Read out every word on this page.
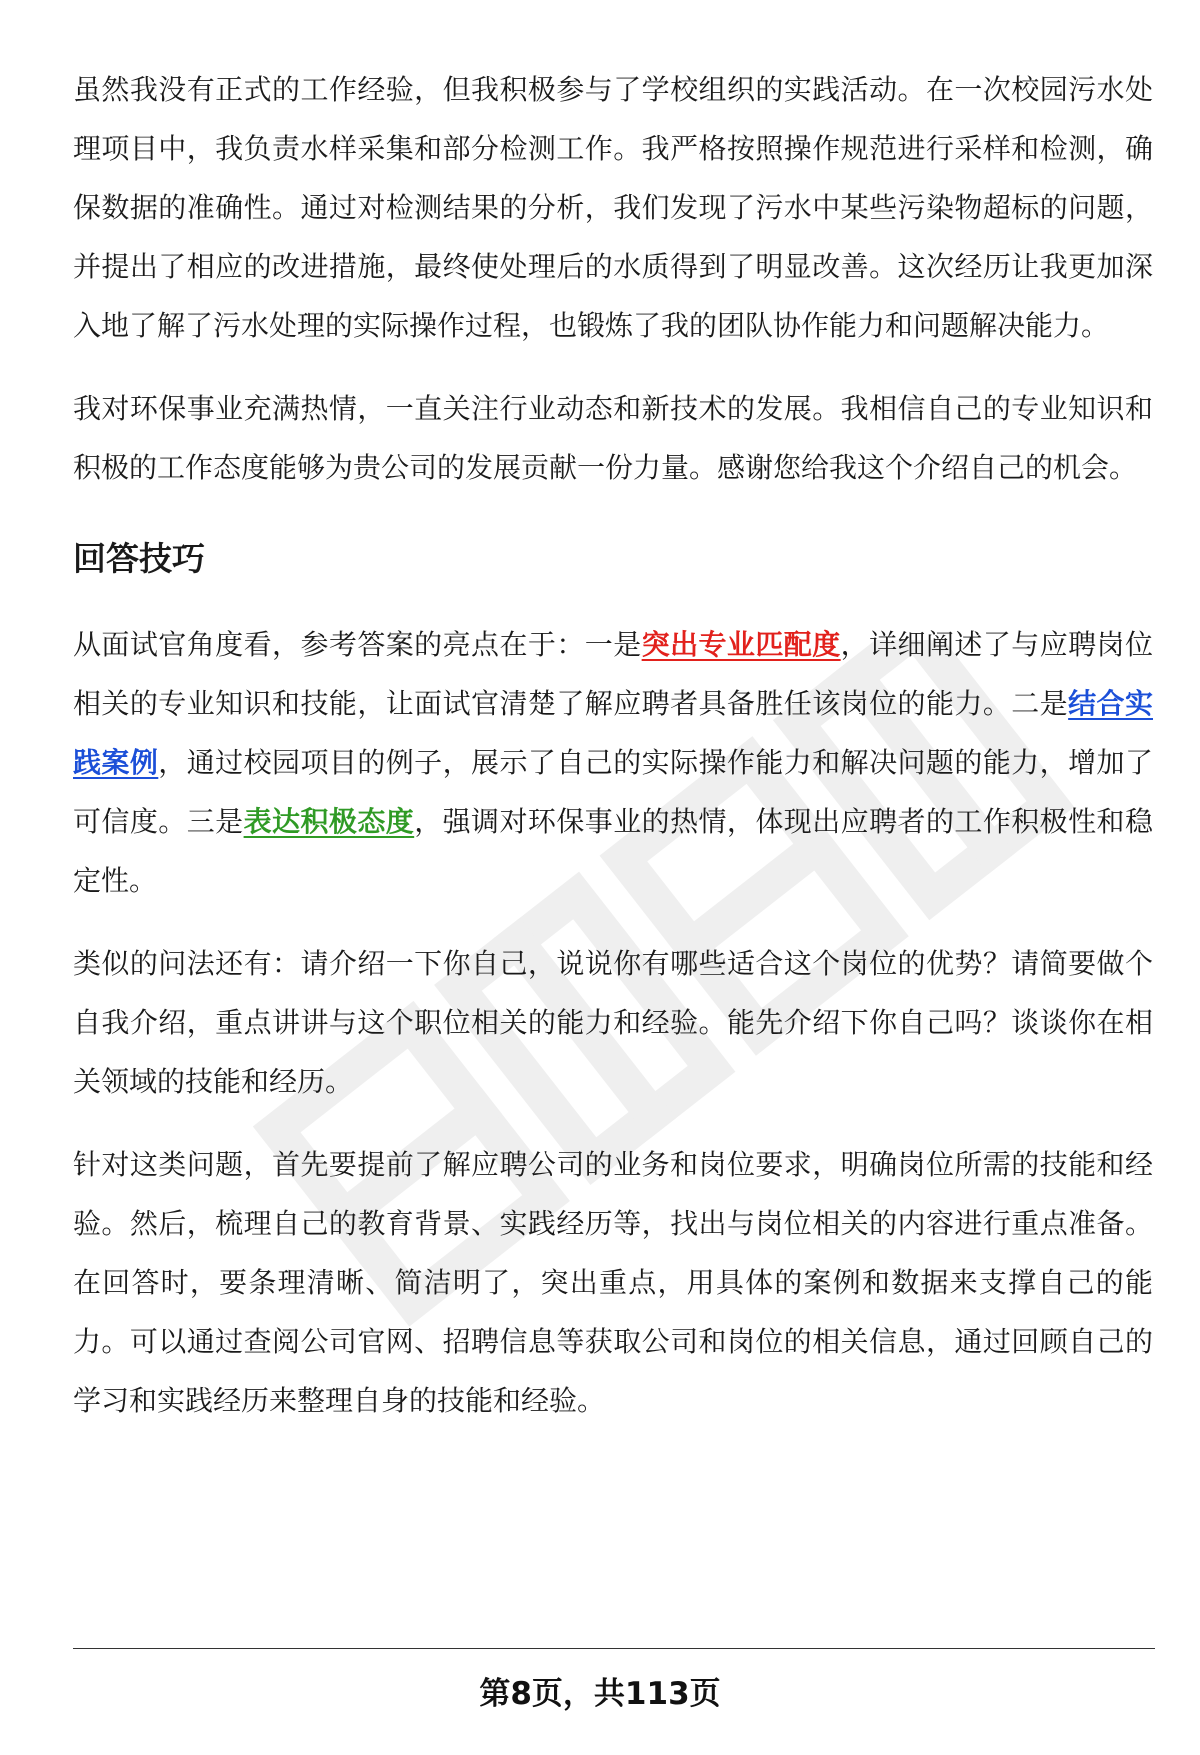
虽然我没有正式的工作经验，但我积极参与了学校组织的实践活动。在一次校园污水处理项目中，我负责水样采集和部分检测工作。我严格按照操作规范进行采样和检测，确保数据的准确性。通过对检测结果的分析，我们发现了污水中某些污染物超标的问题，并提出了相应的改进措施，最终使处理后的水质得到了明显改善。这次经历让我更加深入地了解了污水处理的实际操作过程，也锻炼了我的团队协作能力和问题解决能力。

我对环保事业充满热情，一直关注行业动态和新技术的发展。我相信自己的专业知识和积极的工作态度能够为贵公司的发展贡献一份力量。感谢您给我这个介绍自己的机会。

回答技巧

从面试官角度看，参考答案的亮点在于：一是突出专业匹配度，详细阐述了与应聘岗位相关的专业知识和技能，让面试官清楚了解应聘者具备胜任该岗位的能力。二是结合实践案例，通过校园项目的例子，展示了自己的实际操作能力和解决问题的能力，增加了可信度。三是表达积极态度，强调对环保事业的热情，体现出应聘者的工作积极性和稳定性。

类似的问法还有：请介绍一下你自己，说说你有哪些适合这个岗位的优势？请简要做个自我介绍，重点讲讲与这个职位相关的能力和经验。能先介绍下你自己吗？谈谈你在相关领域的技能和经历。

针对这类问题，首先要提前了解应聘公司的业务和岗位要求，明确岗位所需的技能和经验。然后，梳理自己的教育背景、实践经历等，找出与岗位相关的内容进行重点准备。在回答时，要条理清晰、简洁明了，突出重点，用具体的案例和数据来支撑自己的能力。可以通过查阅公司官网、招聘信息等获取公司和岗位的相关信息，通过回顾自己的学习和实践经历来整理自身的技能和经验。

第8页，共113页
